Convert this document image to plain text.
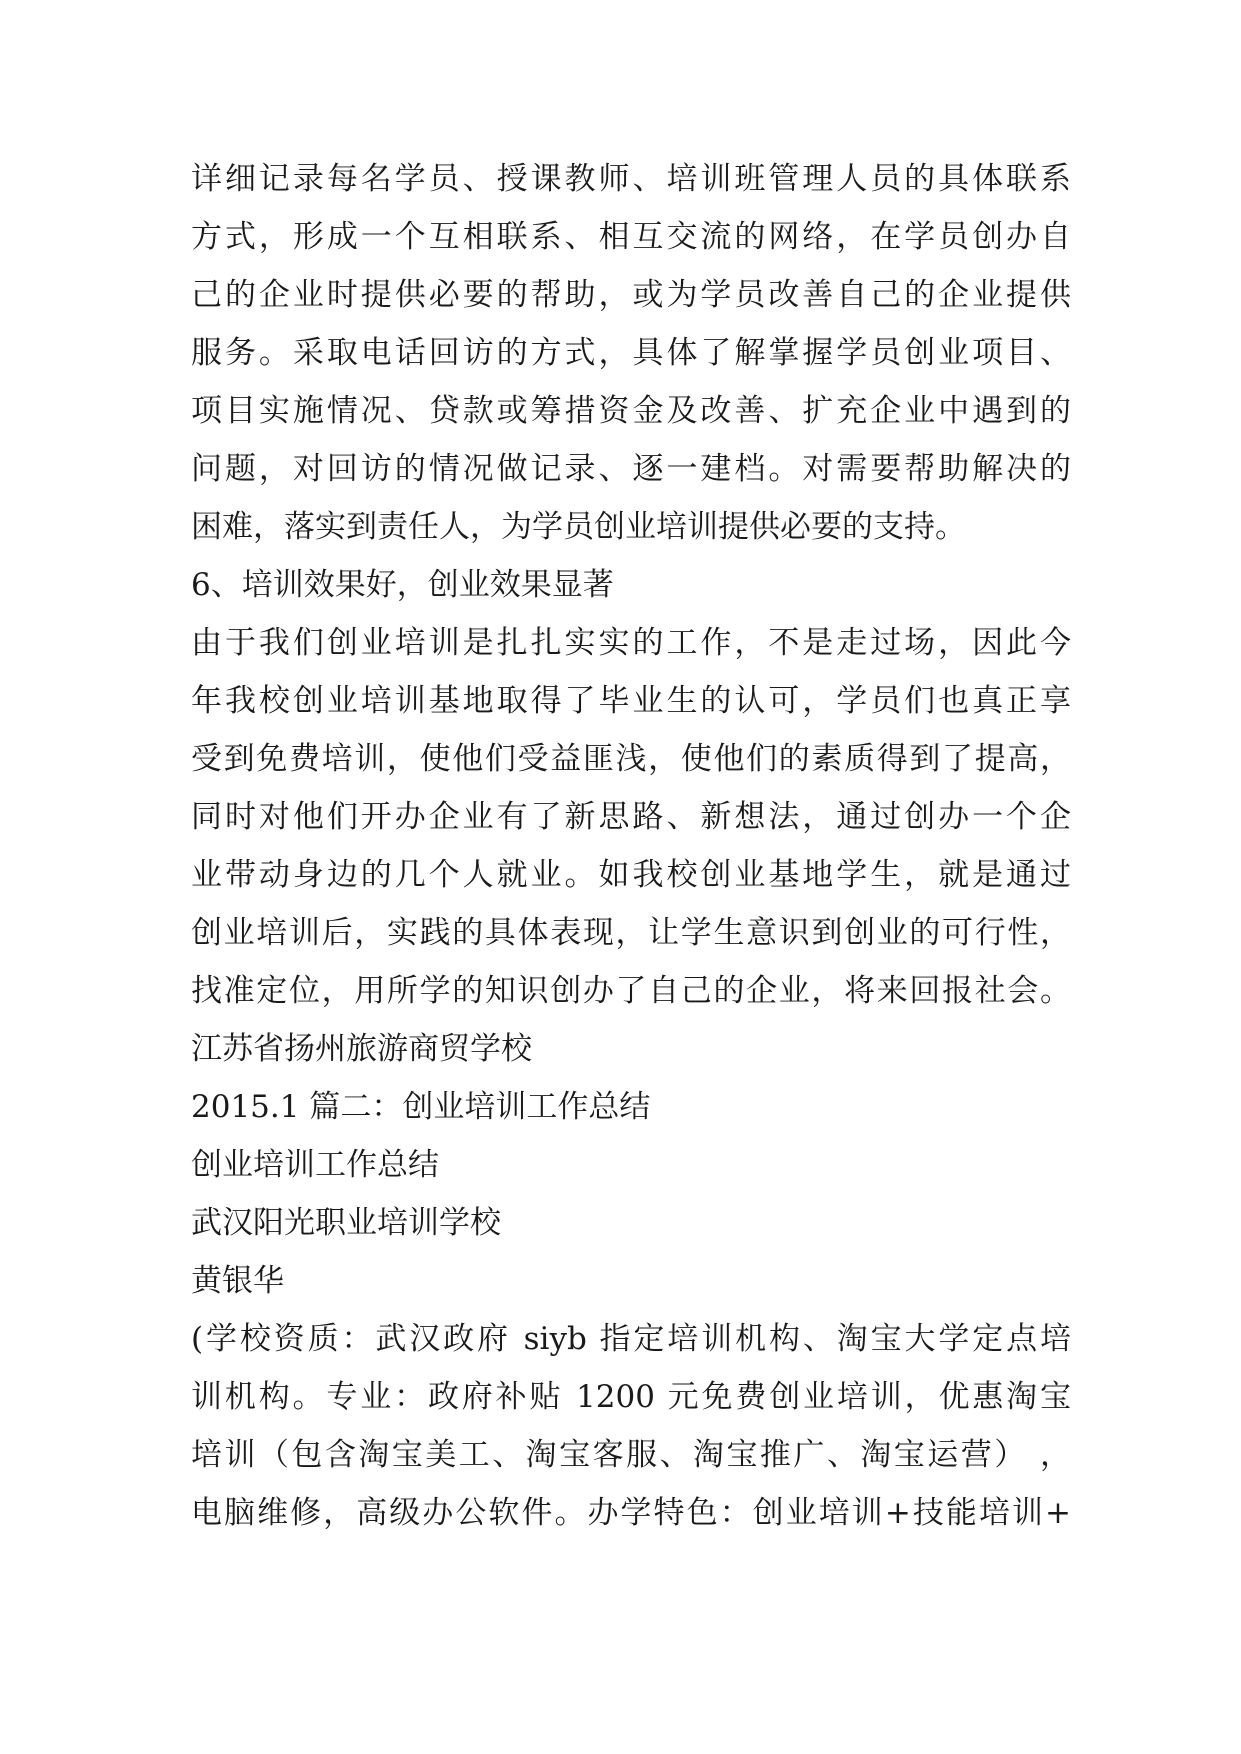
详细记录每名学员、授课教师、培训班管理人员的具体联系
方式，形成一个互相联系、相互交流的网络，在学员创办自
己的企业时提供必要的帮助，或为学员改善自己的企业提供
服务。采取电话回访的方式，具体了解掌握学员创业项目、
项目实施情况、贷款或筹措资金及改善、扩充企业中遇到的
问题，对回访的情况做记录、逐一建档。对需要帮助解决的
困难，落实到责任人，为学员创业培训提供必要的支持。
6、培训效果好，创业效果显著
由于我们创业培训是扎扎实实的工作，不是走过场，因此今
年我校创业培训基地取得了毕业生的认可，学员们也真正享
受到免费培训，使他们受益匪浅，使他们的素质得到了提高，
同时对他们开办企业有了新思路、新想法，通过创办一个企
业带动身边的几个人就业。如我校创业基地学生，就是通过
创业培训后，实践的具体表现，让学生意识到创业的可行性，
找准定位，用所学的知识创办了自己的企业，将来回报社会。
江苏省扬州旅游商贸学校
2015.1 篇二：创业培训工作总结
创业培训工作总结
武汉阳光职业培训学校
黄银华
(学校资质：武汉政府 siyb 指定培训机构、淘宝大学定点培
训机构。专业：政府补贴 1200 元免费创业培训，优惠淘宝
培训（包含淘宝美工、淘宝客服、淘宝推广、淘宝运营） ，
电脑维修，高级办公软件。办学特色：创业培训+技能培训+
